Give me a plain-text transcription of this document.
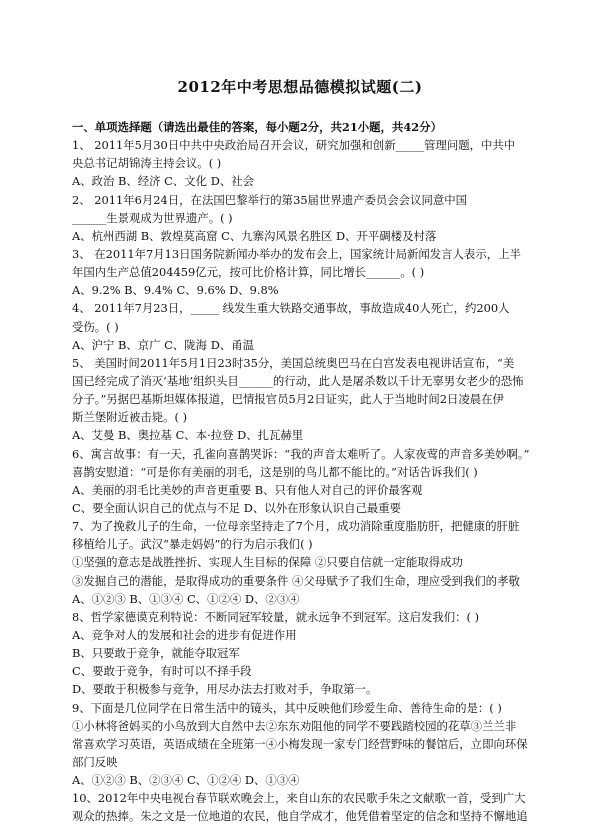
2012年中考思想品德模拟试题(二)
一、单项选择题（请选出最佳的答案，每小题2分，共21小题，共42分）
1、 2011年5月30日中共中央政治局召开会议，研究加强和创新_____管理问题，中共中
央总书记胡锦涛主持会议。( )
A、政治 B、经济 C、文化 D、社会
2、 2011年6月24日，在法国巴黎举行的第35届世界遗产委员会会议同意中国
______生景观成为世界遗产。( )
A、杭州西湖 B、敦煌莫高窟 C、九寨沟风景名胜区 D、开平碉楼及村落
3、 在2011年7月13日国务院新闻办举办的发布会上，国家统计局新闻发言人表示，上半
年国内生产总值204459亿元，按可比价格计算，同比增长______。( )
A、9.2% B、9.4% C、9.6% D、9.8%
4、 2011年7月23日，_____ 线发生重大铁路交通事故，事故造成40人死亡，约200人
受伤。( )
A、沪宁 B、京广 C、陇海 D、甬温
5、 美国时间2011年5月1日23时35分，美国总统奥巴马在白宫发表电视讲话宣布，“美
国已经完成了消灭‘基地’组织头目______的行动，此人是屠杀数以千计无辜男女老少的恐怖
分子。”另据巴基斯坦媒体报道，巴情报官员5月2日证实，此人于当地时间2日凌晨在伊
斯兰堡附近被击毙。( )
A、艾曼 B、奥拉基 C、本·拉登 D、扎瓦赫里
6、寓言故事：有一天，孔雀向喜鹊哭诉：“我的声音太难听了。人家夜莺的声音多美妙啊。”
喜鹊安慰道：“可是你有美丽的羽毛，这是别的鸟儿都不能比的。”对话告诉我们( )
A、美丽的羽毛比美妙的声音更重要 B、只有他人对自己的评价最客观
C、要全面认识自己的优点与不足 D、以外在形象认识自己最重要
7、为了挽救儿子的生命，一位母亲坚持走了7个月，成功消除重度脂肪肝，把健康的肝脏
移植给儿子。武汉“暴走妈妈”的行为启示我们( )
①坚强的意志是战胜挫折、实现人生目标的保障 ②只要自信就一定能取得成功
③发掘自己的潜能，是取得成功的重要条件 ④父母赋予了我们生命，理应受到我们的孝敬
A、①②③ B、①③④ C、①②④ D、②③④
8、哲学家德谟克利特说：不断同冠军较量，就永远争不到冠军。这启发我们：( )
A、竞争对人的发展和社会的进步有促进作用
B、只要敢于竞争，就能夺取冠军
C、要敢于竞争，有时可以不择手段
D、要敢于积极参与竞争，用尽办法去打败对手，争取第一。
9、下面是几位同学在日常生活中的镜头，其中反映他们珍爱生命、善待生命的是：( )
①小林将爸妈买的小鸟放到大自然中去②东东劝阻他的同学不要践踏校园的花草③兰兰非
常喜欢学习英语，英语成绩在全班第一④小梅发现一家专门经营野味的餐馆后，立即向环保
部门反映
A、①②③ B、②③④ C、①②④ D、①③④
10、2012年中央电视台春节联欢晚会上，来自山东的农民歌手朱之文献歌一首，受到广大
观众的热捧。朱之文是一位地道的农民，他自学成才，他凭借着坚定的信念和坚持不懈地追
